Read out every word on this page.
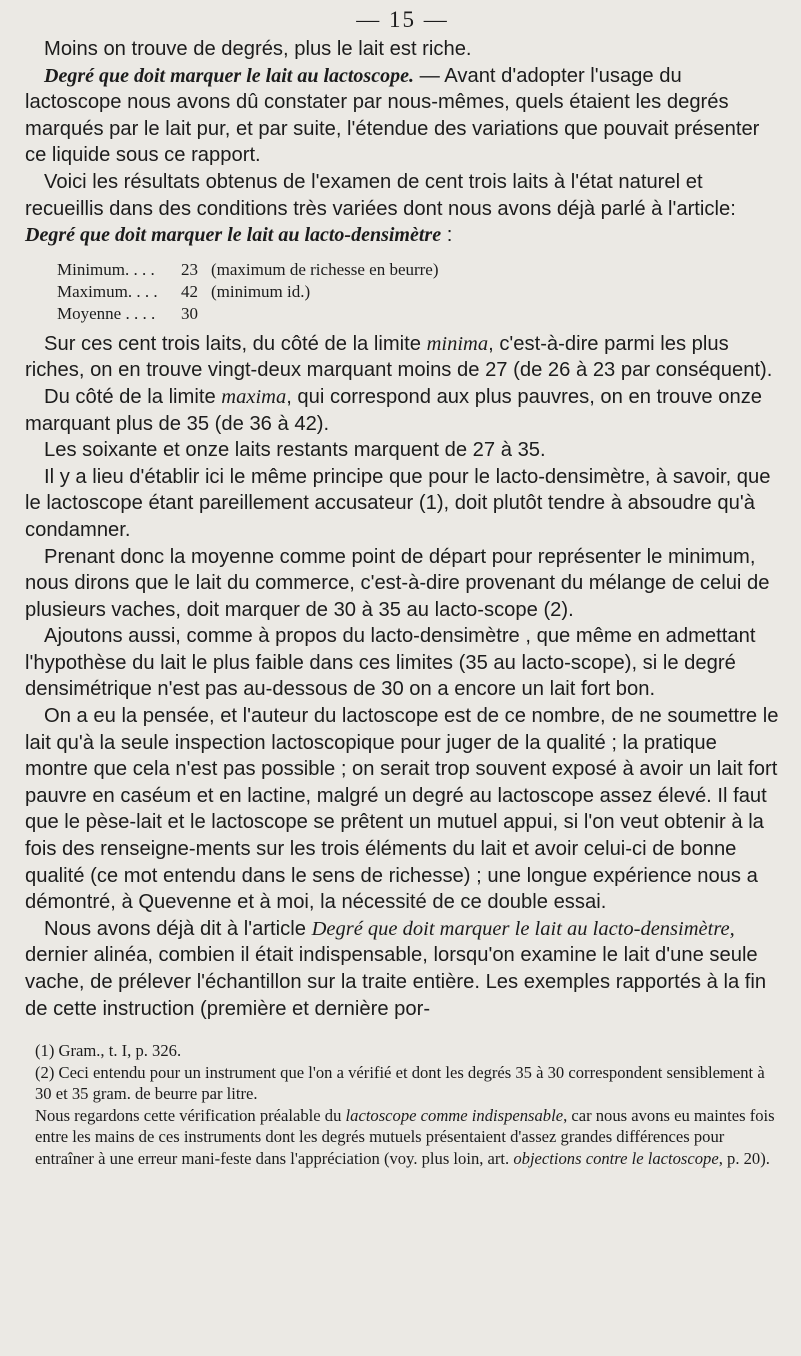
— 15 —

Moins on trouve de degrés, plus le lait est riche.

Degré que doit marquer le lait au lactoscope. — Avant d'adopter l'usage du lactoscope nous avons dû constater par nous-mêmes, quels étaient les degrés marqués par le lait pur, et par suite, l'étendue des variations que pouvait présenter ce liquide sous ce rapport.

Voici les résultats obtenus de l'examen de cent trois laits à l'état naturel et recueillis dans des conditions très variées dont nous avons déjà parlé à l'article: Degré que doit marquer le lait au lacto-densimètre :

Minimum. . . .	23 (maximum de richesse en beurre)
Maximum. . . .	42 (minimum id.)
Moyenne . . . .	30

Sur ces cent trois laits, du côté de la limite minima, c'est-à-dire parmi les plus riches, on en trouve vingt-deux marquant moins de 27 (de 26 à 23 par conséquent).

Du côté de la limite maxima, qui correspond aux plus pauvres, on en trouve onze marquant plus de 35 (de 36 à 42).

Les soixante et onze laits restants marquent de 27 à 35.

Il y a lieu d'établir ici le même principe que pour le lacto-densimètre, à savoir, que le lactoscope étant pareillement accusateur (1), doit plutôt tendre à absoudre qu'à condamner.

Prenant donc la moyenne comme point de départ pour représenter le minimum, nous dirons que le lait du commerce, c'est-à-dire provenant du mélange de celui de plusieurs vaches, doit marquer de 30 à 35 au lacto-scope (2).

Ajoutons aussi, comme à propos du lacto-densimètre , que même en admettant l'hypothèse du lait le plus faible dans ces limites (35 au lacto-scope), si le degré densimétrique n'est pas au-dessous de 30 on a encore un lait fort bon.

On a eu la pensée, et l'auteur du lactoscope est de ce nombre, de ne soumettre le lait qu'à la seule inspection lactoscopique pour juger de la qualité ; la pratique montre que cela n'est pas possible ; on serait trop souvent exposé à avoir un lait fort pauvre en caséum et en lactine, malgré un degré au lactoscope assez élevé. Il faut que le pèse-lait et le lactoscope se prêtent un mutuel appui, si l'on veut obtenir à la fois des renseigne-ments sur les trois éléments du lait et avoir celui-ci de bonne qualité (ce mot entendu dans le sens de richesse) ; une longue expérience nous a démontré, à Quevenne et à moi, la nécessité de ce double essai.

Nous avons déjà dit à l'article Degré que doit marquer le lait au lacto-densimètre, dernier alinéa, combien il était indispensable, lorsqu'on examine le lait d'une seule vache, de prélever l'échantillon sur la traite entière. Les exemples rapportés à la fin de cette instruction (première et dernière por-

(1) Gram., t. I, p. 326.

(2) Ceci entendu pour un instrument que l'on a vérifié et dont les degrés 35 à 30 correspondent sensiblement à 30 et 35 gram. de beurre par litre.

Nous regardons cette vérification préalable du lactoscope comme indispensable, car nous avons eu maintes fois entre les mains de ces instruments dont les degrés mutuels présentaient d'assez grandes différences pour entraîner à une erreur mani-feste dans l'appréciation (voy. plus loin, art. objections contre le lactoscope, p. 20).
